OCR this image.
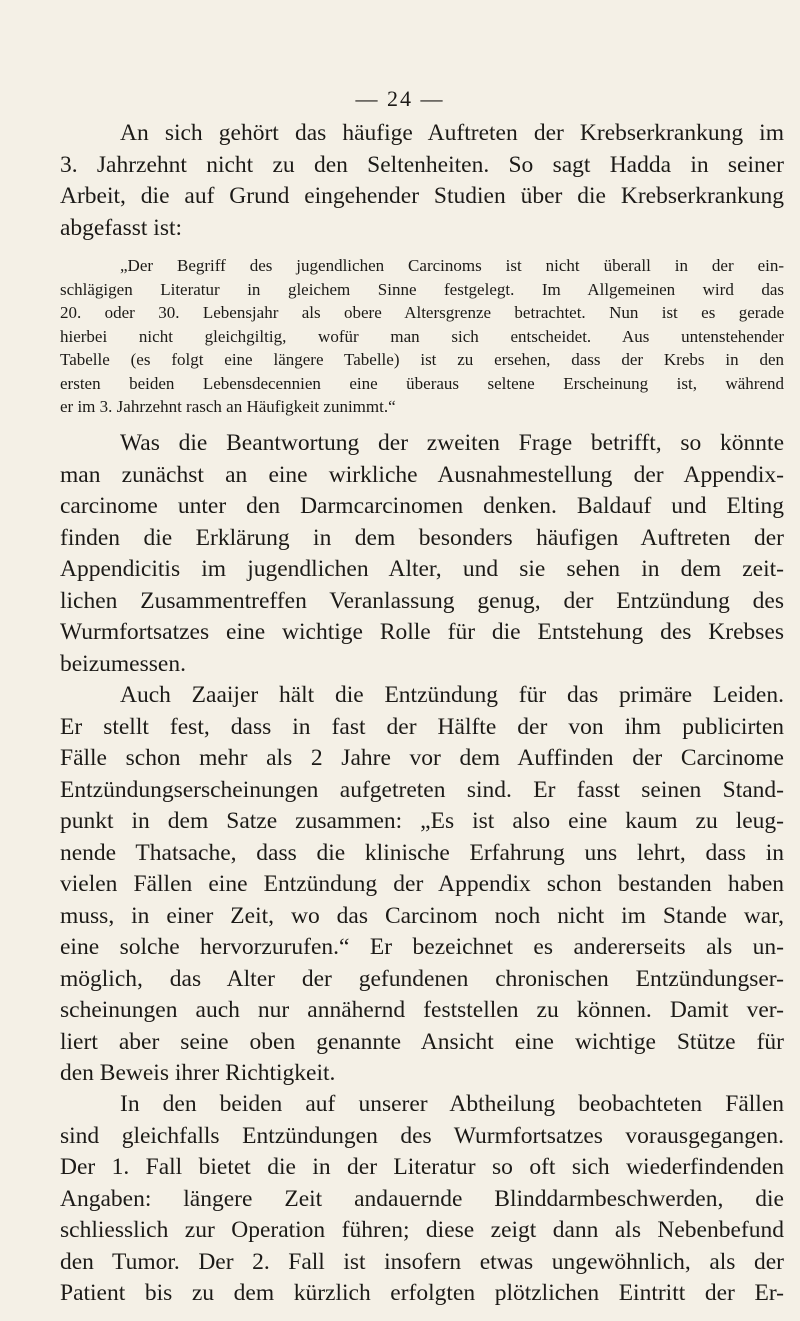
— 24 —

An sich gehört das häufige Auftreten der Krebserkrankung im
3. Jahrzehnt nicht zu den Seltenheiten. So sagt Hadda in seiner
Arbeit, die auf Grund eingehender Studien über die Krebserkrankung
abgefasst ist:

„Der Begriff des jugendlichen Carcinoms ist nicht überall in der ein-
schlägigen Literatur in gleichem Sinne festgelegt. Im Allgemeinen wird das
20. oder 30. Lebensjahr als obere Altersgrenze betrachtet. Nun ist es gerade
hierbei nicht gleichgiltig, wofür man sich entscheidet. Aus untenstehender
Tabelle (es folgt eine längere Tabelle) ist zu ersehen, dass der Krebs in den
ersten beiden Lebensdecennien eine überaus seltene Erscheinung ist, während
er im 3. Jahrzehnt rasch an Häufigkeit zunimmt.“

Was die Beantwortung der zweiten Frage betrifft, so könnte
man zunächst an eine wirkliche Ausnahmestellung der Appendix-
carcinome unter den Darmcarcinomen denken. Baldauf und Elting
finden die Erklärung in dem besonders häufigen Auftreten der
Appendicitis im jugendlichen Alter, und sie sehen in dem zeit-
lichen Zusammentreffen Veranlassung genug, der Entzündung des
Wurmfortsatzes eine wichtige Rolle für die Entstehung des Krebses
beizumessen.

Auch Zaaijer hält die Entzündung für das primäre Leiden.
Er stellt fest, dass in fast der Hälfte der von ihm publicirten
Fälle schon mehr als 2 Jahre vor dem Auffinden der Carcinome
Entzündungserscheinungen aufgetreten sind. Er fasst seinen Stand-
punkt in dem Satze zusammen: „Es ist also eine kaum zu leug-
nende Thatsache, dass die klinische Erfahrung uns lehrt, dass in
vielen Fällen eine Entzündung der Appendix schon bestanden haben
muss, in einer Zeit, wo das Carcinom noch nicht im Stande war,
eine solche hervorzurufen.“ Er bezeichnet es andererseits als un-
möglich, das Alter der gefundenen chronischen Entzündungser-
scheinungen auch nur annähernd feststellen zu können. Damit ver-
liert aber seine oben genannte Ansicht eine wichtige Stütze für
den Beweis ihrer Richtigkeit.

In den beiden auf unserer Abtheilung beobachteten Fällen
sind gleichfalls Entzündungen des Wurmfortsatzes vorausgegangen.
Der 1. Fall bietet die in der Literatur so oft sich wiederfindenden
Angaben: längere Zeit andauernde Blinddarmbeschwerden, die
schliesslich zur Operation führen; diese zeigt dann als Nebenbefund
den Tumor. Der 2. Fall ist insofern etwas ungewöhnlich, als der
Patient bis zu dem kürzlich erfolgten plötzlichen Eintritt der Er-
